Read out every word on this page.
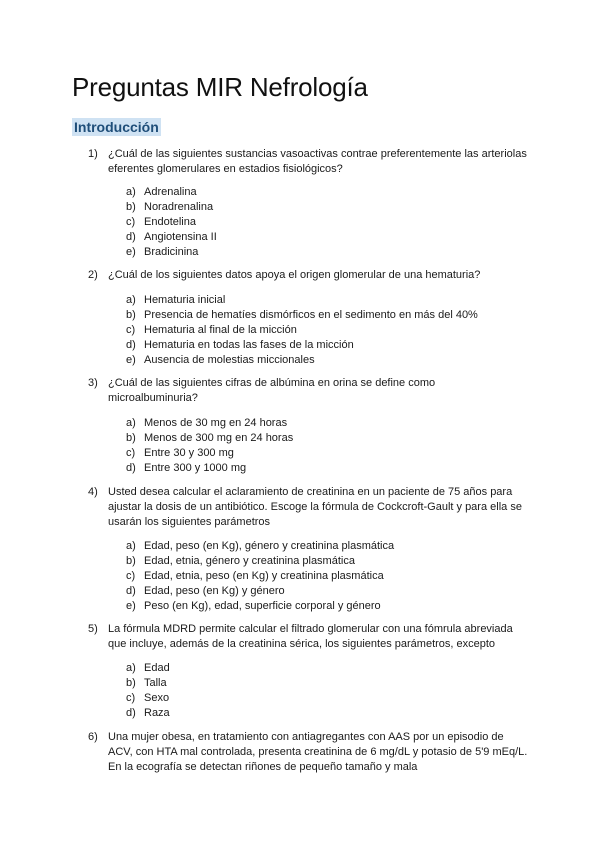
Preguntas MIR Nefrología
Introducción
1) ¿Cuál de las siguientes sustancias vasoactivas contrae preferentemente las arteriolas eferentes glomerulares en estadios fisiológicos?
a) Adrenalina
b) Noradrenalina
c) Endotelina
d) Angiotensina II
e) Bradicinina
2) ¿Cuál de los siguientes datos apoya el origen glomerular de una hematuria?
a) Hematuria inicial
b) Presencia de hematíes dismórficos en el sedimento en más del 40%
c) Hematuria al final de la micción
d) Hematuria en todas las fases de la micción
e) Ausencia de molestias miccionales
3) ¿Cuál de las siguientes cifras de albúmina en orina se define como microalbuminuria?
a) Menos de 30 mg en 24 horas
b) Menos de 300 mg en 24 horas
c) Entre 30 y 300 mg
d) Entre 300 y 1000 mg
4) Usted desea calcular el aclaramiento de creatinina en un paciente de 75 años para ajustar la dosis de un antibiótico. Escoge la fórmula de Cockcroft-Gault y para ella se usarán los siguientes parámetros
a) Edad, peso (en Kg), género y creatinina plasmática
b) Edad, etnia, género y creatinina plasmática
c) Edad, etnia, peso (en Kg) y creatinina plasmática
d) Edad, peso (en Kg) y género
e) Peso (en Kg), edad, superficie corporal y género
5) La fórmula MDRD permite calcular el filtrado glomerular con una fómrula abreviada que incluye, además de la creatinina sérica, los siguientes parámetros, excepto
a) Edad
b) Talla
c) Sexo
d) Raza
6) Una mujer obesa, en tratamiento con antiagregantes con AAS por un episodio de ACV, con HTA mal controlada, presenta creatinina de 6 mg/dL y potasio de 5'9 mEq/L. En la ecografía se detectan riñones de pequeño tamaño y mala
